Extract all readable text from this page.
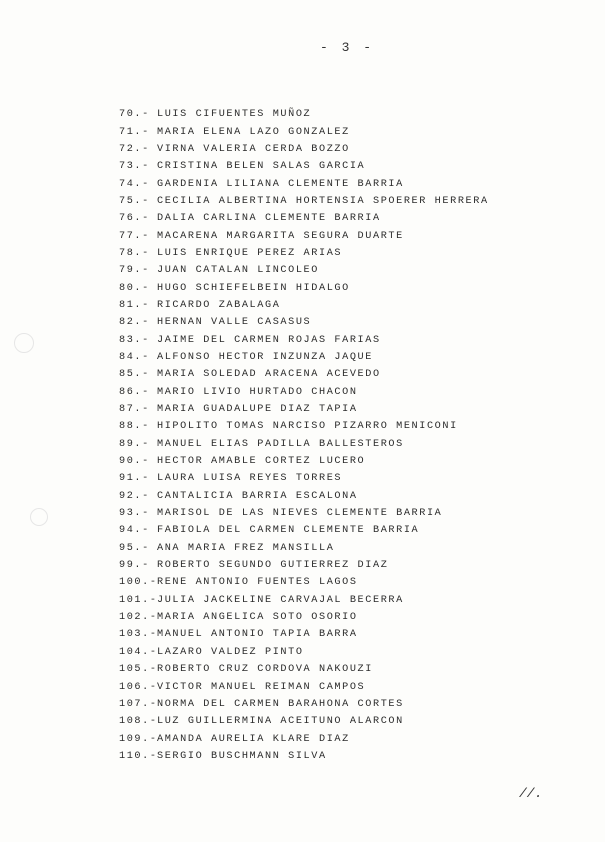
- 3 -
70.- LUIS CIFUENTES MUÑOZ
71.- MARIA ELENA LAZO GONZALEZ
72.- VIRNA VALERIA CERDA BOZZO
73.- CRISTINA BELEN SALAS GARCIA
74.- GARDENIA LILIANA CLEMENTE BARRIA
75.- CECILIA ALBERTINA HORTENSIA SPOERER HERRERA
76.- DALIA CARLINA CLEMENTE BARRIA
77.- MACARENA MARGARITA SEGURA DUARTE
78.- LUIS ENRIQUE PEREZ ARIAS
79.- JUAN CATALAN LINCOLEO
80.- HUGO SCHIEFELBEIN HIDALGO
81.- RICARDO ZABALAGA
82.- HERNAN VALLE CASASUS
83.- JAIME DEL CARMEN ROJAS FARIAS
84.- ALFONSO HECTOR INZUNZA JAQUE
85.- MARIA SOLEDAD ARACENA ACEVEDO
86.- MARIO LIVIO HURTADO CHACON
87.- MARIA GUADALUPE DIAZ TAPIA
88.- HIPOLITO TOMAS NARCISO PIZARRO MENICONI
89.- MANUEL ELIAS PADILLA BALLESTEROS
90.- HECTOR AMABLE CORTEZ LUCERO
91.- LAURA LUISA REYES TORRES
92.- CANTALICIA BARRIA ESCALONA
93.- MARISOL DE LAS NIEVES CLEMENTE BARRIA
94.- FABIOLA DEL CARMEN CLEMENTE BARRIA
95.- ANA MARIA FREZ MANSILLA
99.- ROBERTO SEGUNDO GUTIERREZ DIAZ
100.- RENE ANTONIO FUENTES LAGOS
101.- JULIA JACKELINE CARVAJAL BECERRA
102.- MARIA ANGELICA SOTO OSORIO
103.- MANUEL ANTONIO TAPIA BARRA
104.- LAZARO VALDEZ PINTO
105.- ROBERTO CRUZ CORDOVA NAKOUZI
106.- VICTOR MANUEL REIMAN CAMPOS
107.- NORMA DEL CARMEN BARAHONA CORTES
108.- LUZ GUILLERMINA ACEITUNO ALARCON
109.- AMANDA AURELIA KLARE DIAZ
110.- SERGIO BUSCHMANN SILVA
//.
